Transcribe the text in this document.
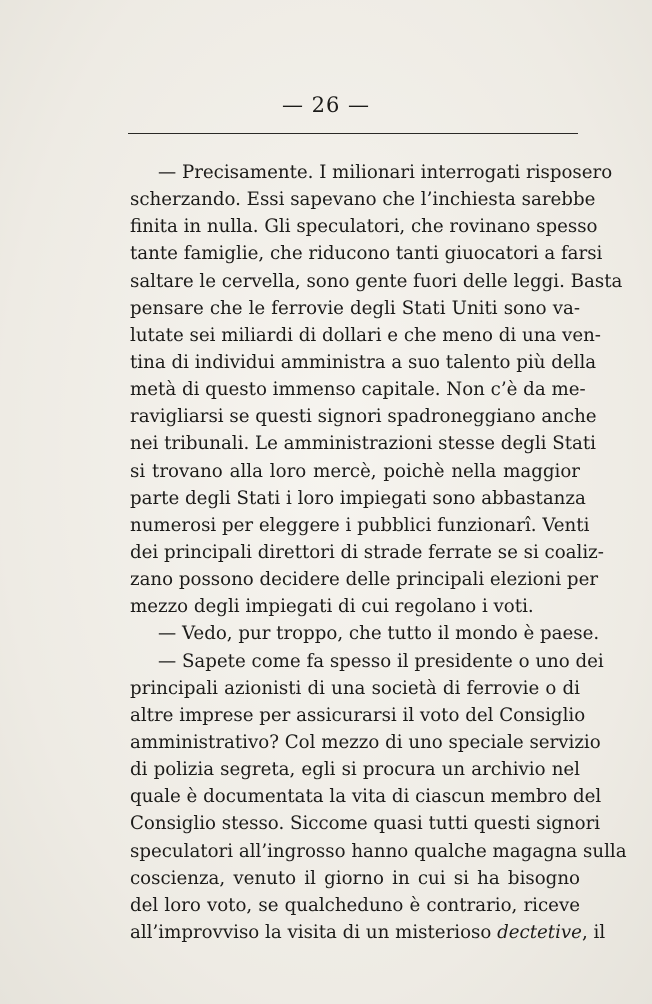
— 26 —
— Precisamente. I milionari interrogati risposero
scherzando. Essi sapevano che l’inchiesta sarebbe
finita in nulla. Gli speculatori, che rovinano spesso
tante famiglie, che riducono tanti giuocatori a farsi
saltare le cervella, sono gente fuori delle leggi. Basta
pensare che le ferrovie degli Stati Uniti sono va-
lutate sei miliardi di dollari e che meno di una ven-
tina di individui amministra a suo talento più della
metà di questo immenso capitale. Non c’è da me-
ravigliarsi se questi signori spadroneggiano anche
nei tribunali. Le amministrazioni stesse degli Stati
si trovano alla loro mercè, poichè nella maggior
parte degli Stati i loro impiegati sono abbastanza
numerosi per eleggere i pubblici funzionarî. Venti
dei principali direttori di strade ferrate se si coaliz-
zano possono decidere delle principali elezioni per
mezzo degli impiegati di cui regolano i voti.
— Vedo, pur troppo, che tutto il mondo è paese.
— Sapete come fa spesso il presidente o uno dei
principali azionisti di una società di ferrovie o di
altre imprese per assicurarsi il voto del Consiglio
amministrativo? Col mezzo di uno speciale servizio
di polizia segreta, egli si procura un archivio nel
quale è documentata la vita di ciascun membro del
Consiglio stesso. Siccome quasi tutti questi signori
speculatori all’ingrosso hanno qualche magagna sulla
coscienza, venuto il giorno in cui si ha bisogno
del loro voto, se qualcheduno è contrario, riceve
all’improvviso la visita di un misterioso dectetive, il
